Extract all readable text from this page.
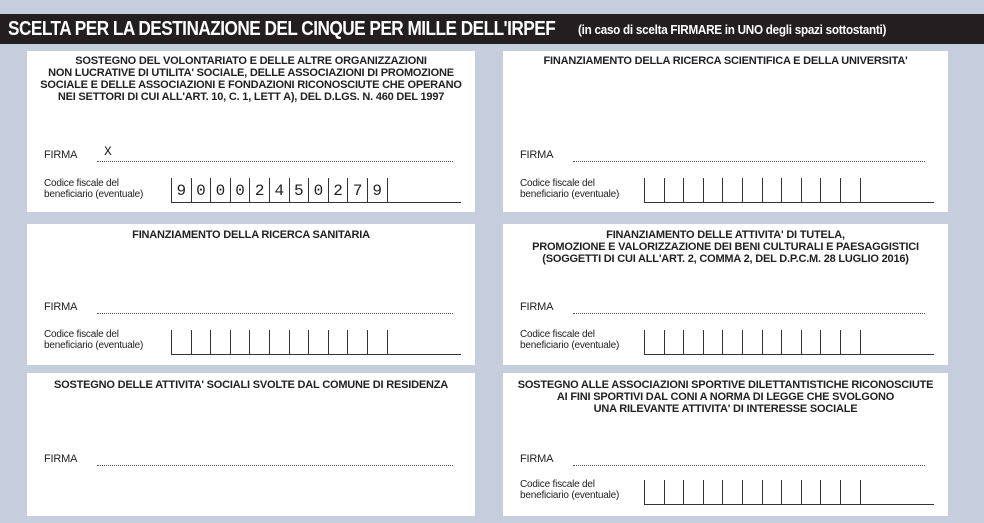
SCELTA PER LA DESTINAZIONE DEL CINQUE PER MILLE DELL'IRPEF (in caso di scelta FIRMARE in UNO degli spazi sottostanti)
SOSTEGNO DEL VOLONTARIATO E DELLE ALTRE ORGANIZZAZIONI
NON LUCRATIVE DI UTILITA' SOCIALE, DELLE ASSOCIAZIONI DI PROMOZIONE
SOCIALE E DELLE ASSOCIAZIONI E FONDAZIONI RICONOSCIUTE CHE OPERANO
NEI SETTORI DI CUI ALL'ART. 10, C. 1, LETT A), DEL D.LGS. N. 460 DEL 1997
FIRMA X
Codice fiscale del
beneficiario (eventuale) 9 0 0 0 2 4 5 0 2 7 9
FINANZIAMENTO DELLA RICERCA SCIENTIFICA E DELLA UNIVERSITA'
FIRMA
Codice fiscale del
beneficiario (eventuale)
FINANZIAMENTO DELLA RICERCA SANITARIA
FIRMA
Codice fiscale del
beneficiario (eventuale)
FINANZIAMENTO DELLE ATTIVITA' DI TUTELA,
PROMOZIONE E VALORIZZAZIONE DEI BENI CULTURALI E PAESAGGISTICI
(SOGGETTI DI CUI ALL'ART. 2, COMMA 2, DEL D.P.C.M. 28 LUGLIO 2016)
FIRMA
Codice fiscale del
beneficiario (eventuale)
SOSTEGNO DELLE ATTIVITA' SOCIALI SVOLTE DAL COMUNE DI RESIDENZA
FIRMA
SOSTEGNO ALLE ASSOCIAZIONI SPORTIVE DILETTANTISTICHE RICONOSCIUTE
AI FINI SPORTIVI DAL CONI A NORMA DI LEGGE CHE SVOLGONO
UNA RILEVANTE ATTIVITA' DI INTERESSE SOCIALE
FIRMA
Codice fiscale del
beneficiario (eventuale)
